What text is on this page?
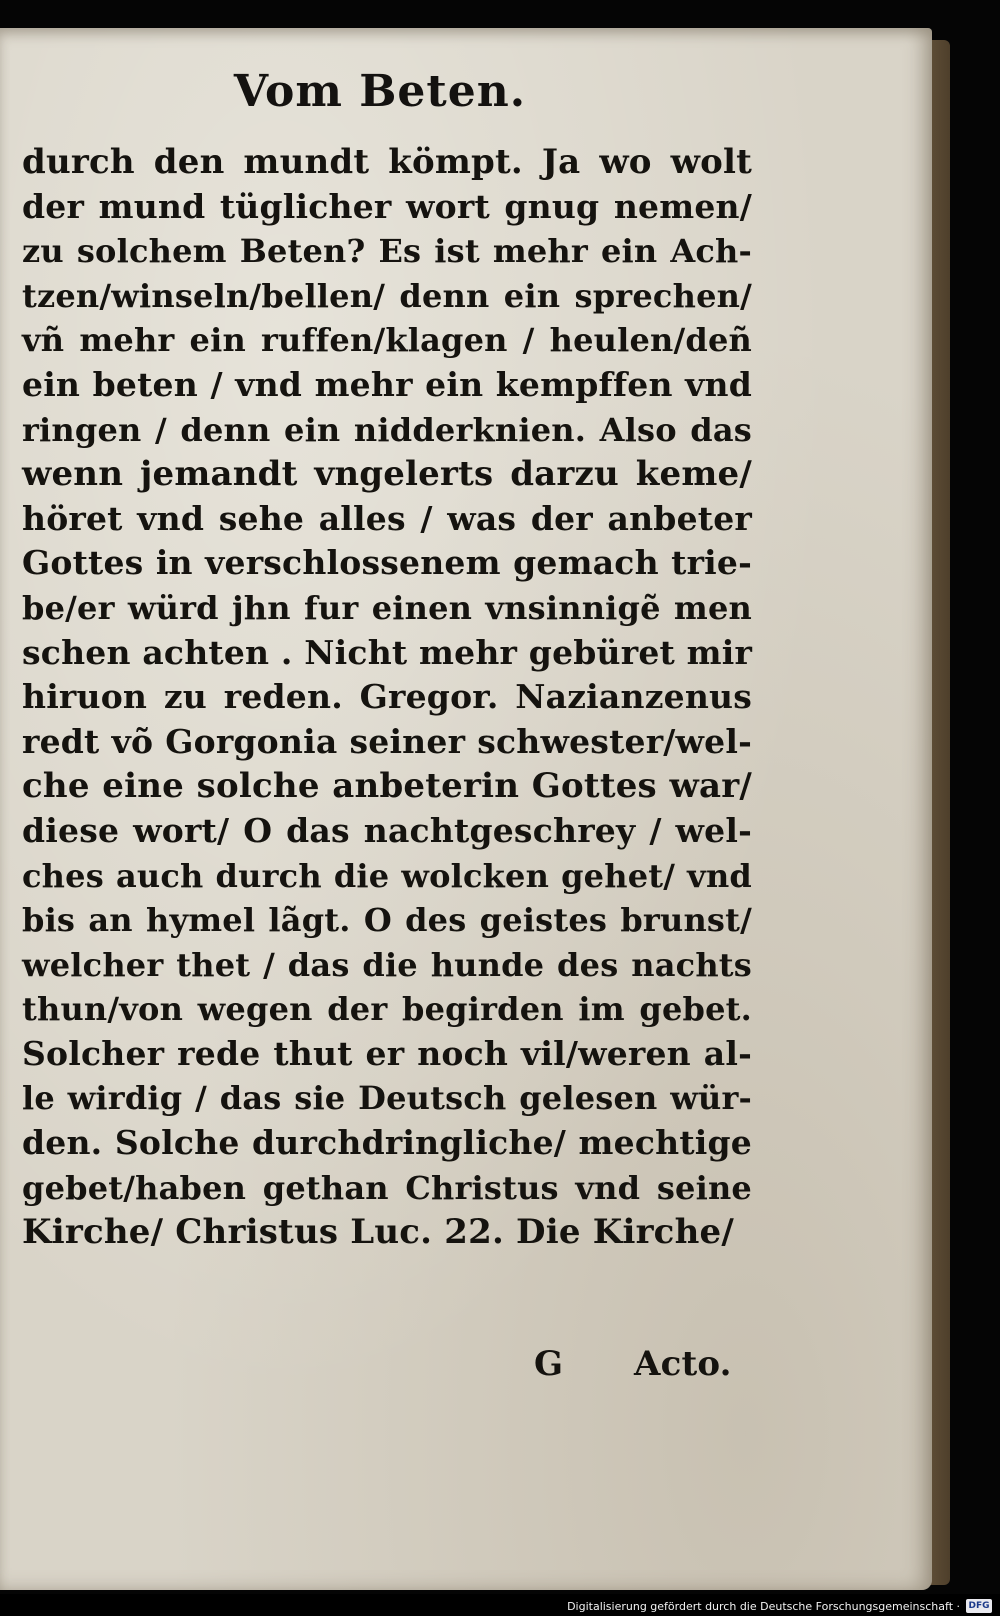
Vom Beten.
durch den mundt kömpt. Ja wo wolt
der mund tüglicher wort gnug nemen/
zu solchem Beten? Es ist mehr ein Ach-
tzen/winseln/bellen/ denn ein sprechen/
vñ mehr ein ruffen/klagen / heulen/deñ
ein beten / vnd mehr ein kempffen vnd
ringen / denn ein nidderknien. Also das
wenn jemandt vngelerts darzu keme/
höret vnd sehe alles / was der anbeter
Gottes in verschlossenem gemach trie-
be/er würd jhn fur einen vnsinnigẽ men
schen achten . Nicht mehr gebüret mir
hiruon zu reden. Gregor. Nazianzenus
redt võ Gorgonia seiner schwester/wel-
che eine solche anbeterin Gottes war/
diese wort/ O das nachtgeschrey / wel-
ches auch durch die wolcken gehet/ vnd
bis an hymel lãgt. O des geistes brunst/
welcher thet / das die hunde des nachts
thun/von wegen der begirden im gebet.
Solcher rede thut er noch vil/weren al-
le wirdig / das sie Deutsch gelesen wür-
den. Solche durchdringliche/ mechtige
gebet/haben gethan Christus vnd seine
Kirche/ Christus Luc. 22. Die Kirche/
G Acto.
Digitalisierung gefördert durch die Deutsche Forschungsgemeinschaft · DFG
